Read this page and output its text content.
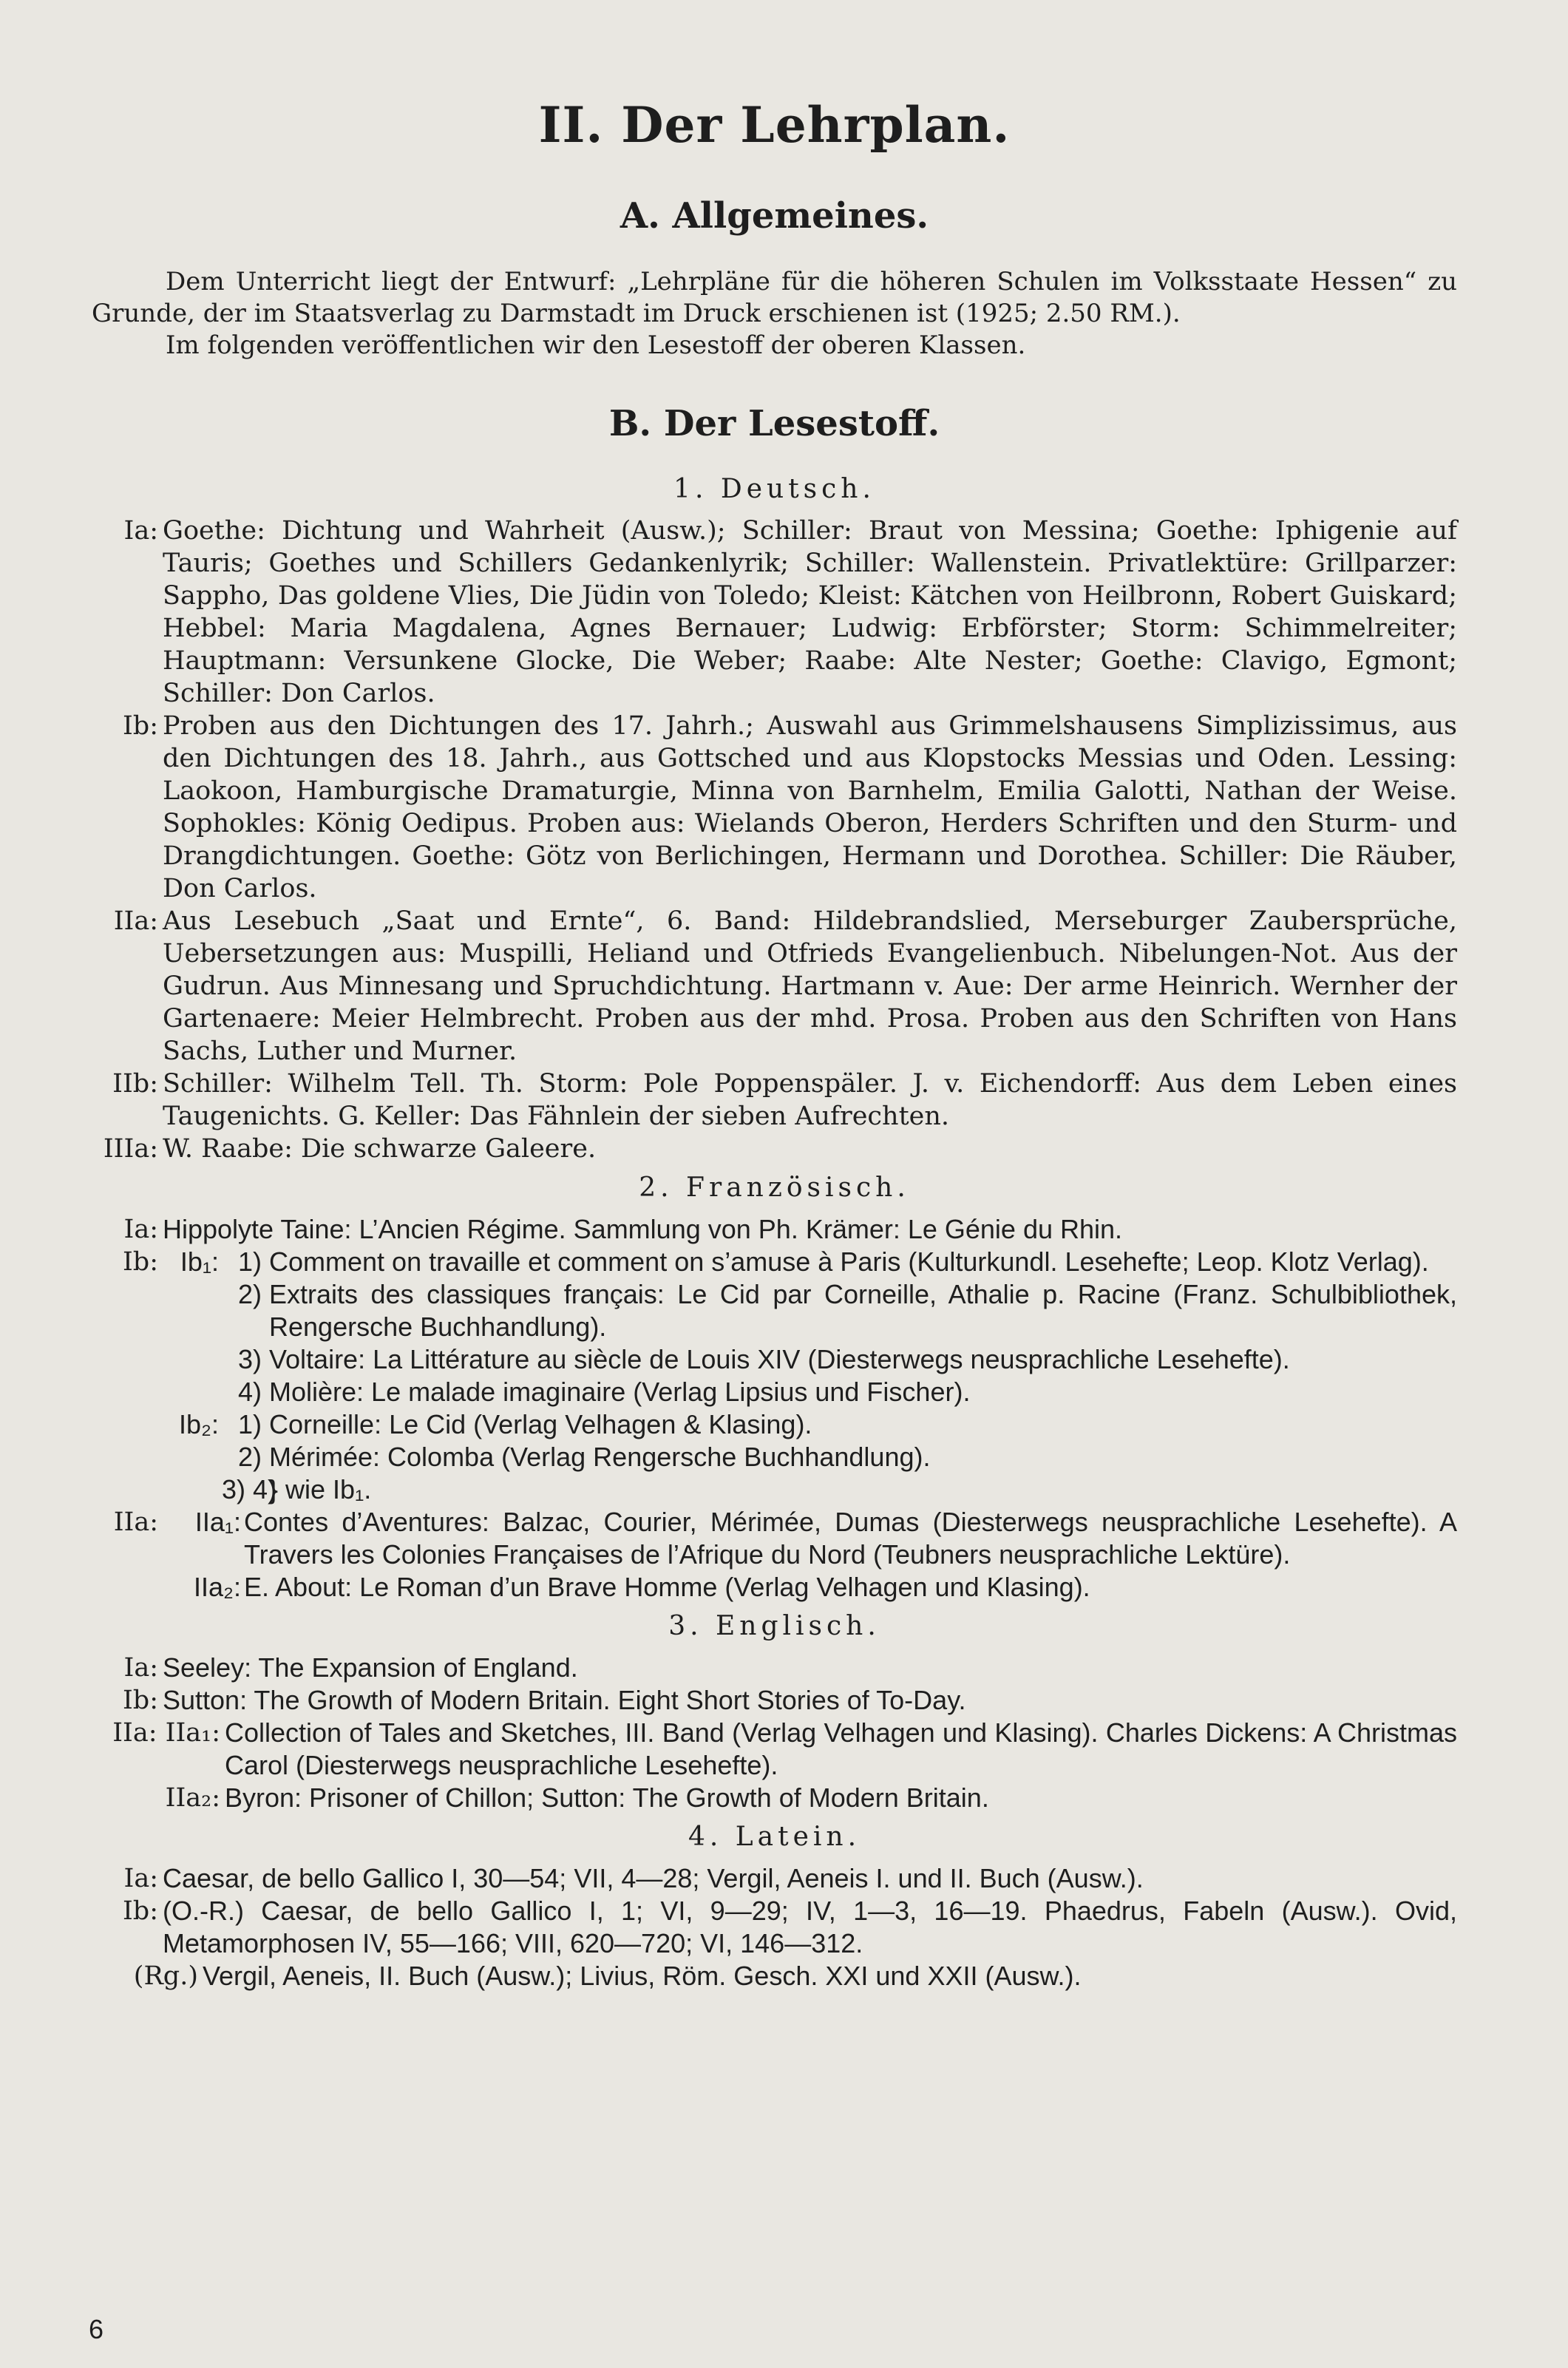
II. Der Lehrplan.
A. Allgemeines.

Dem Unterricht liegt der Entwurf: „Lehrpläne für die höheren Schulen im Volksstaate Hessen“ zu Grunde, der im Staatsverlag zu Darmstadt im Druck erschienen ist (1925; 2.50 RM.).
Im folgenden veröffentlichen wir den Lesestoff der oberen Klassen.

B. Der Lesestoff.
1. Deutsch.
Ia: Goethe: Dichtung und Wahrheit (Ausw.); Schiller: Braut von Messina; Goethe: Iphigenie auf Tauris; Goethes und Schillers Gedankenlyrik; Schiller: Wallenstein. Privatlektüre: Grillparzer: Sappho, Das goldene Vlies, Die Jüdin von Toledo; Kleist: Kätchen von Heilbronn, Robert Guiskard; Hebbel: Maria Magdalena, Agnes Bernauer; Ludwig: Erbförster; Storm: Schimmelreiter; Hauptmann: Versunkene Glocke, Die Weber; Raabe: Alte Nester; Goethe: Clavigo, Egmont; Schiller: Don Carlos.
Ib: Proben aus den Dichtungen des 17. Jahrh.; Auswahl aus Grimmelshausens Simplizissimus, aus den Dichtungen des 18. Jahrh., aus Gottsched und aus Klopstocks Messias und Oden. Lessing: Laokoon, Hamburgische Dramaturgie, Minna von Barnhelm, Emilia Galotti, Nathan der Weise. Sophokles: König Oedipus. Proben aus: Wielands Oberon, Herders Schriften und den Sturm- und Drangdichtungen. Goethe: Götz von Berlichingen, Hermann und Dorothea. Schiller: Die Räuber, Don Carlos.
IIa: Aus Lesebuch „Saat und Ernte“, 6. Band: Hildebrandslied, Merseburger Zaubersprüche, Uebersetzungen aus: Muspilli, Heliand und Otfrieds Evangelienbuch. Nibelungen-Not. Aus der Gudrun. Aus Minnesang und Spruchdichtung. Hartmann v. Aue: Der arme Heinrich. Wernher der Gartenaere: Meier Helmbrecht. Proben aus der mhd. Prosa. Proben aus den Schriften von Hans Sachs, Luther und Murner.
IIb: Schiller: Wilhelm Tell. Th. Storm: Pole Poppenspäler. J. v. Eichendorff: Aus dem Leben eines Taugenichts. G. Keller: Das Fähnlein der sieben Aufrechten.
IIIa: W. Raabe: Die schwarze Galeere.
2. Französisch.
Ia: Hippolyte Taine: L’Ancien Régime. Sammlung von Ph. Krämer: Le Génie du Rhin.
Ib: Ib₁: 1) Comment on travaille et comment on s’amuse à Paris (Kulturkundl. Lesehefte; Leop. Klotz Verlag).
2) Extraits des classiques français: Le Cid par Corneille, Athalie p. Racine (Franz. Schulbibliothek, Rengersche Buchhandlung).
3) Voltaire: La Littérature au siècle de Louis XIV (Diesterwegs neusprachliche Lesehefte).
4) Molière: Le malade imaginaire (Verlag Lipsius und Fischer).
Ib₂: 1) Corneille: Le Cid (Verlag Velhagen & Klasing).
2) Mérimée: Colomba (Verlag Rengersche Buchhandlung).
3) 4)
} wie Ib₁.
IIa:	IIa₁: Contes d’Aventures: Balzac, Courier, Mérimée, Dumas (Diesterwegs neusprachliche Lesehefte). A Travers les Colonies Françaises de l’Afrique du Nord (Teubners neusprachliche Lektüre).
IIa₂: E. About: Le Roman d’un Brave Homme (Verlag Velhagen und Klasing).
3. Englisch.
Ia: Seeley: The Expansion of England.
Ib: Sutton: The Growth of Modern Britain. Eight Short Stories of To-Day.
IIa: IIa₁: Collection of Tales and Sketches, III. Band (Verlag Velhagen und Klasing). Charles Dickens: A Christmas Carol (Diesterwegs neusprachliche Lesehefte).
IIa₂: Byron: Prisoner of Chillon; Sutton: The Growth of Modern Britain.
4. Latein.
Ia: Caesar, de bello Gallico I, 30—54; VII, 4—28; Vergil, Aeneis I. und II. Buch (Ausw.).
Ib: (O.-R.) Caesar, de bello Gallico I, 1; VI, 9—29; IV, 1—3, 16—19. Phaedrus, Fabeln (Ausw.). Ovid, Metamorphosen IV, 55—166; VIII, 620—720; VI, 146—312.
(Rg.) Vergil, Aeneis, II. Buch (Ausw.); Livius, Röm. Gesch. XXI und XXII (Ausw.).
6
